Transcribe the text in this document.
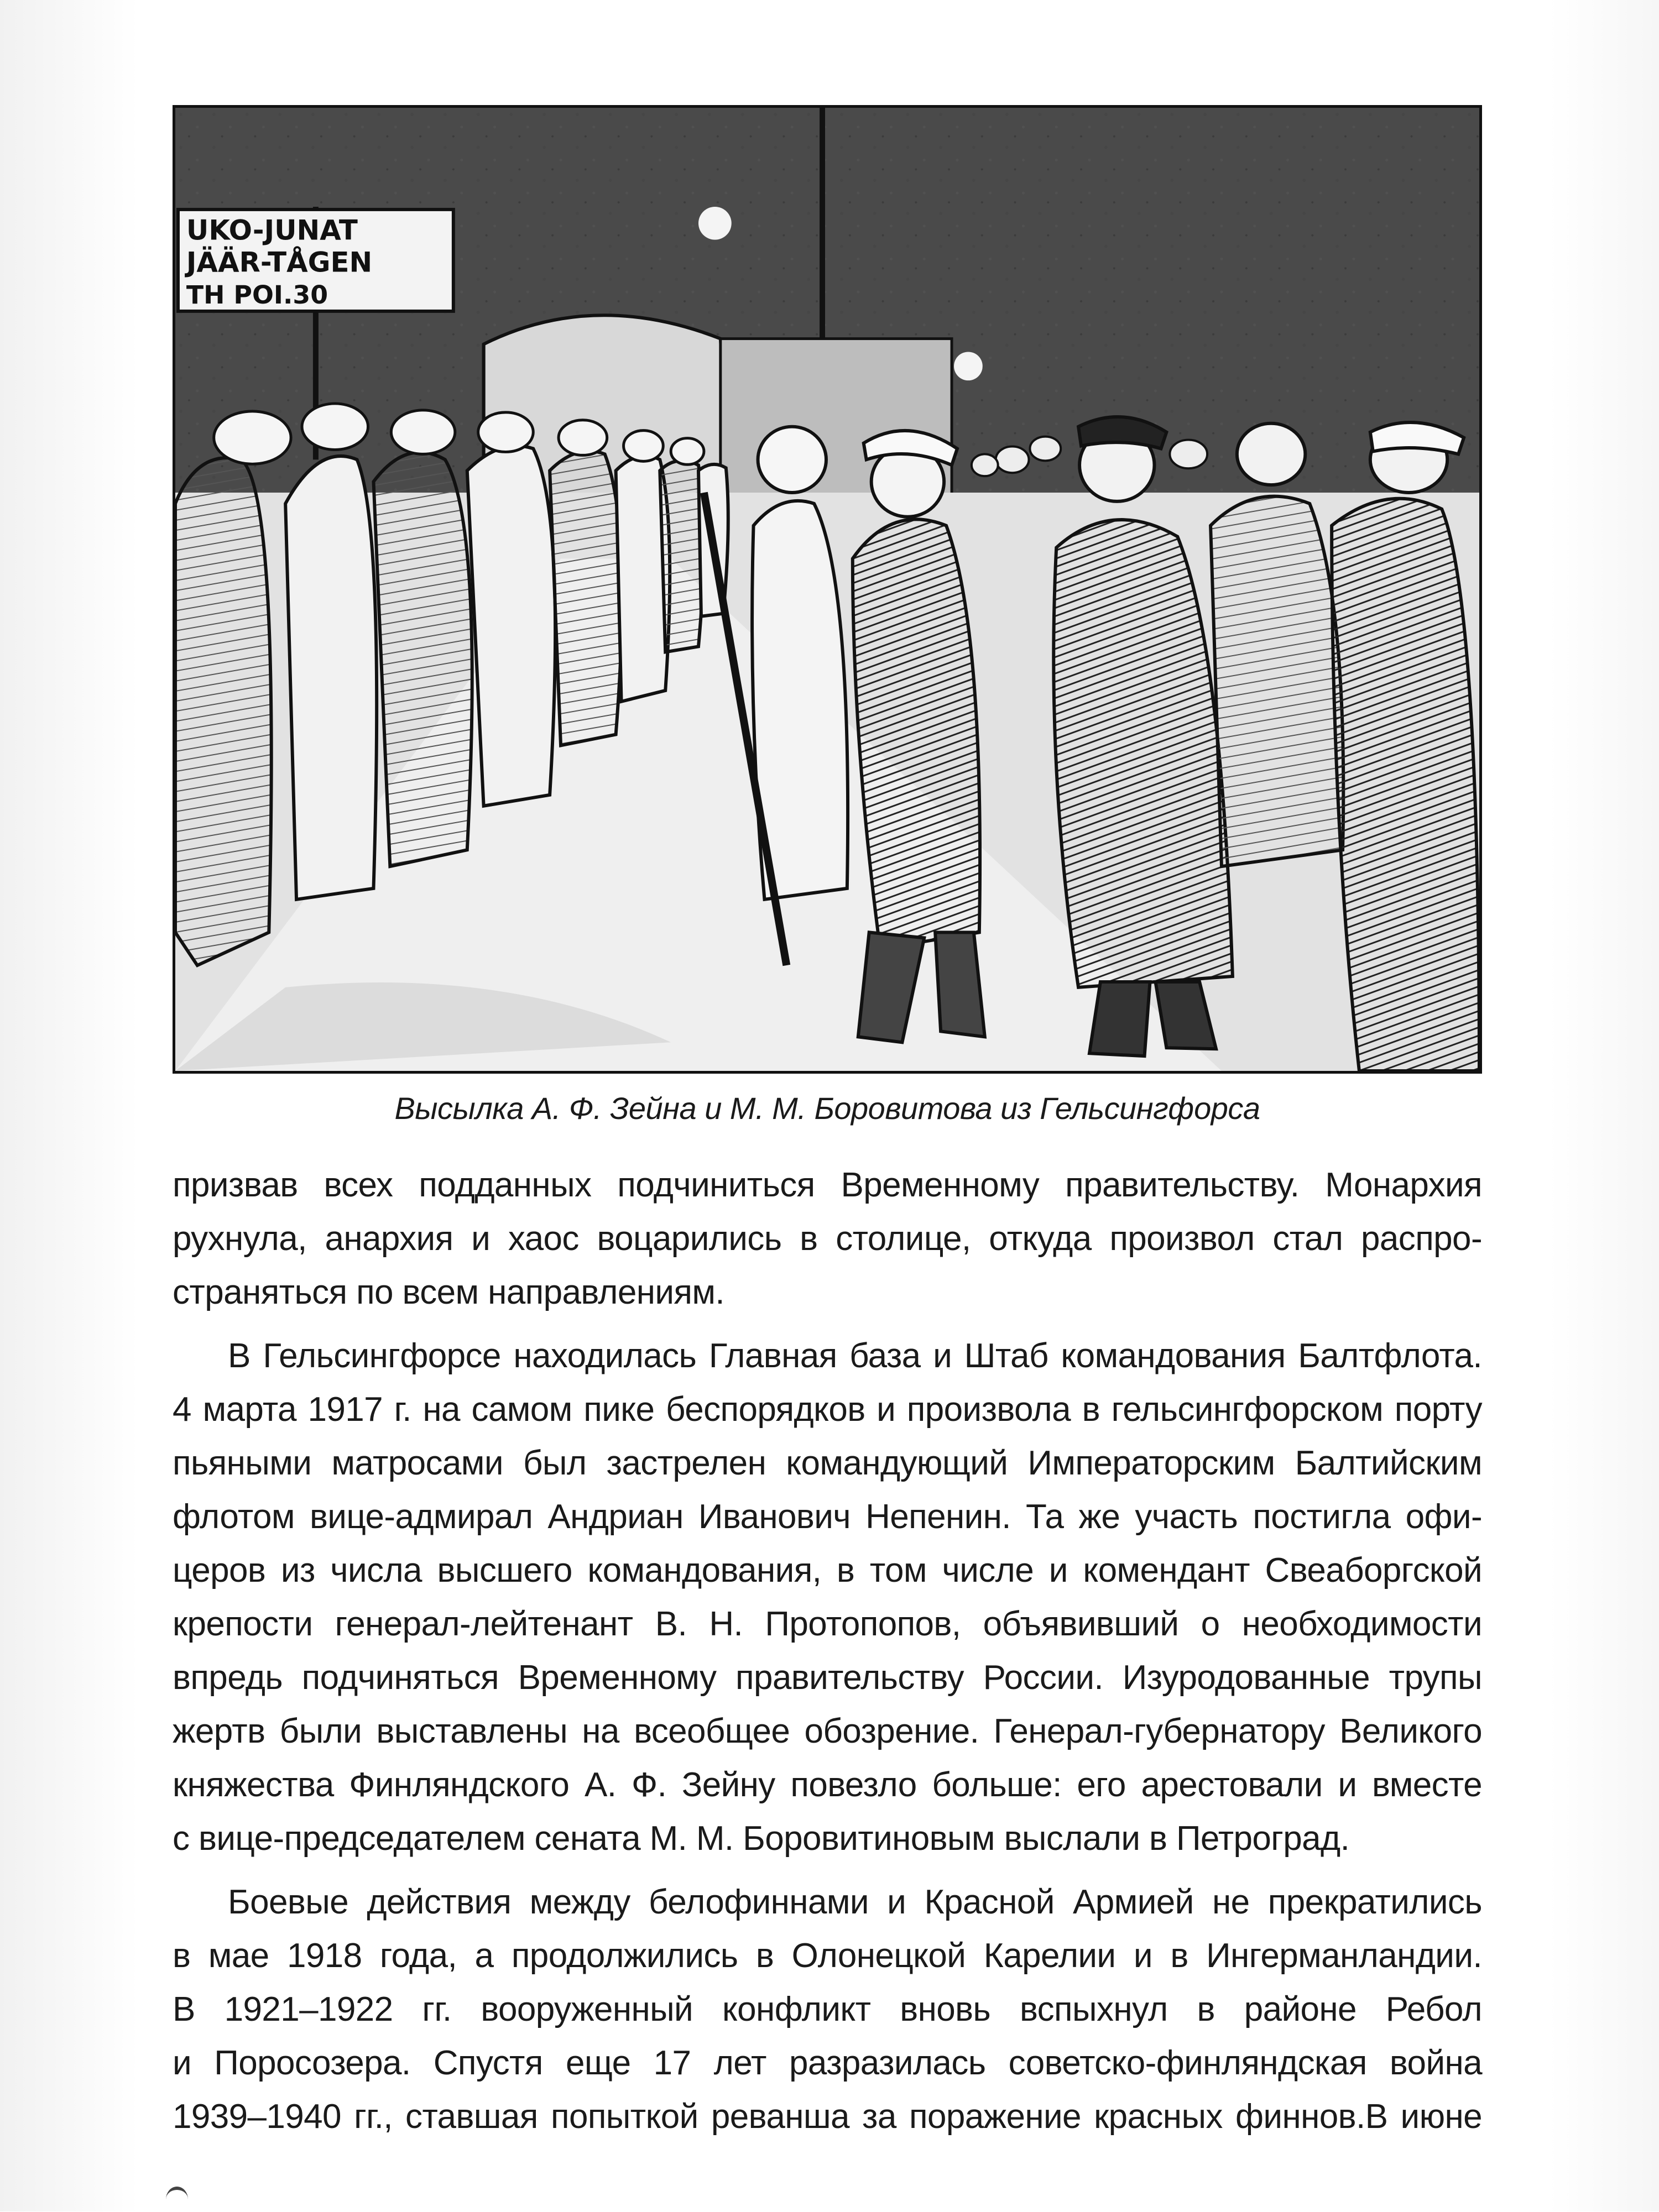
UKO-JUNAT
JÄÄR-TÅGEN
TH POI.30
Высылка А. Ф. Зейна и М. М. Боровитова из Гельсингфорса
призвав всех подданных подчиниться Временному правительству. Монархия
рухнула, анархия и хаос воцарились в столице, откуда произвол стал распро-
страняться по всем направлениям.
В Гельсингфорсе находилась Главная база и Штаб командования Балтфлота.
4 марта 1917 г. на самом пике беспорядков и произвола в гельсингфорском порту
пьяными матросами был застрелен командующий Императорским Балтийским
флотом вице-адмирал Андриан Иванович Непенин. Та же участь постигла офи-
церов из числа высшего командования, в том числе и комендант Свеаборгской
крепости генерал-лейтенант В. Н. Протопопов, объявивший о необходимости
впредь подчиняться Временному правительству России. Изуродованные трупы
жертв были выставлены на всеобщее обозрение. Генерал-губернатору Великого
княжества Финляндского А. Ф. Зейну повезло больше: его арестовали и вместе
с вице-председателем сената М. М. Боровитиновым выслали в Петроград.
Боевые действия между белофиннами и Красной Армией не прекратились
в мае 1918 года, а продолжились в Олонецкой Карелии и в Ингерманландии.
В 1921–1922 гг. вооруженный конфликт вновь вспыхнул в районе Ребол
и Поросозера. Спустя еще 17 лет разразилась советско-финляндская война
1939–1940 гг., ставшая попыткой реванша за поражение красных финнов.В июне
